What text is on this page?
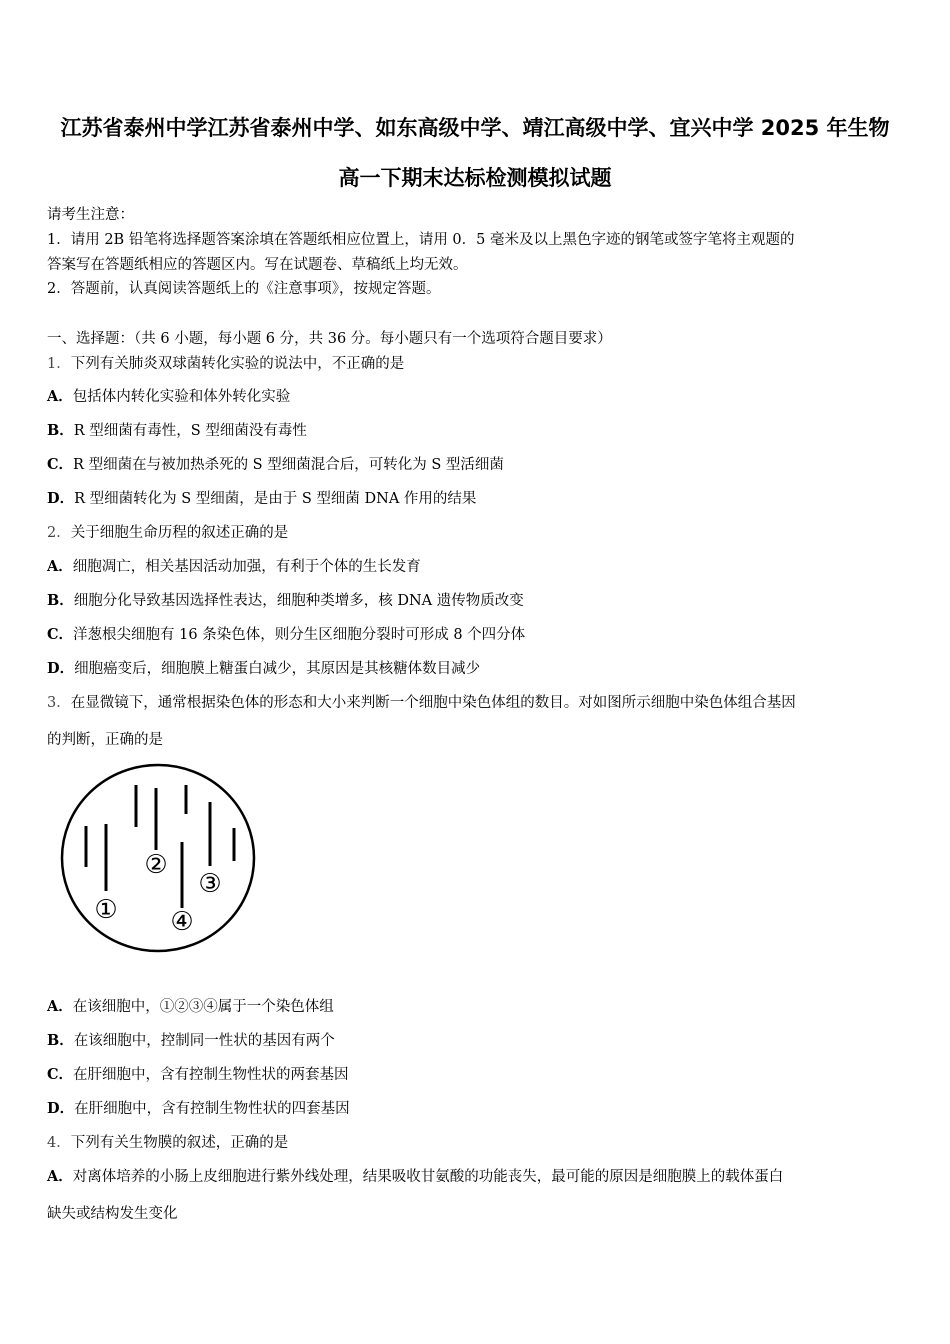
江苏省泰州中学江苏省泰州中学、如东高级中学、靖江高级中学、宜兴中学 2025 年生物
高一下期末达标检测模拟试题
请考生注意：
1．请用 2B 铅笔将选择题答案涂填在答题纸相应位置上，请用 0．5 毫米及以上黑色字迹的钢笔或签字笔将主观题的
答案写在答题纸相应的答题区内。写在试题卷、草稿纸上均无效。
2．答题前，认真阅读答题纸上的《注意事项》，按规定答题。
一、选择题：（共 6 小题，每小题 6 分，共 36 分。每小题只有一个选项符合题目要求）
1．下列有关肺炎双球菌转化实验的说法中，不正确的是
A．包括体内转化实验和体外转化实验
B．R 型细菌有毒性，S 型细菌没有毒性
C．R 型细菌在与被加热杀死的 S 型细菌混合后，可转化为 S 型活细菌
D．R 型细菌转化为 S 型细菌，是由于 S 型细菌 DNA 作用的结果
2．关于细胞生命历程的叙述正确的是
A．细胞凋亡，相关基因活动加强，有利于个体的生长发育
B．细胞分化导致基因选择性表达，细胞种类增多，核 DNA 遗传物质改变
C．洋葱根尖细胞有 16 条染色体，则分生区细胞分裂时可形成 8 个四分体
D．细胞癌变后，细胞膜上糖蛋白减少，其原因是其核糖体数目减少
3．在显微镜下，通常根据染色体的形态和大小来判断一个细胞中染色体组的数目。对如图所示细胞中染色体组合基因
的判断，正确的是
①
②
③
④
A．在该细胞中，①②③④属于一个染色体组
B．在该细胞中，控制同一性状的基因有两个
C．在肝细胞中，含有控制生物性状的两套基因
D．在肝细胞中，含有控制生物性状的四套基因
4．下列有关生物膜的叙述，正确的是
A．对离体培养的小肠上皮细胞进行紫外线处理，结果吸收甘氨酸的功能丧失，最可能的原因是细胞膜上的载体蛋白
缺失或结构发生变化
